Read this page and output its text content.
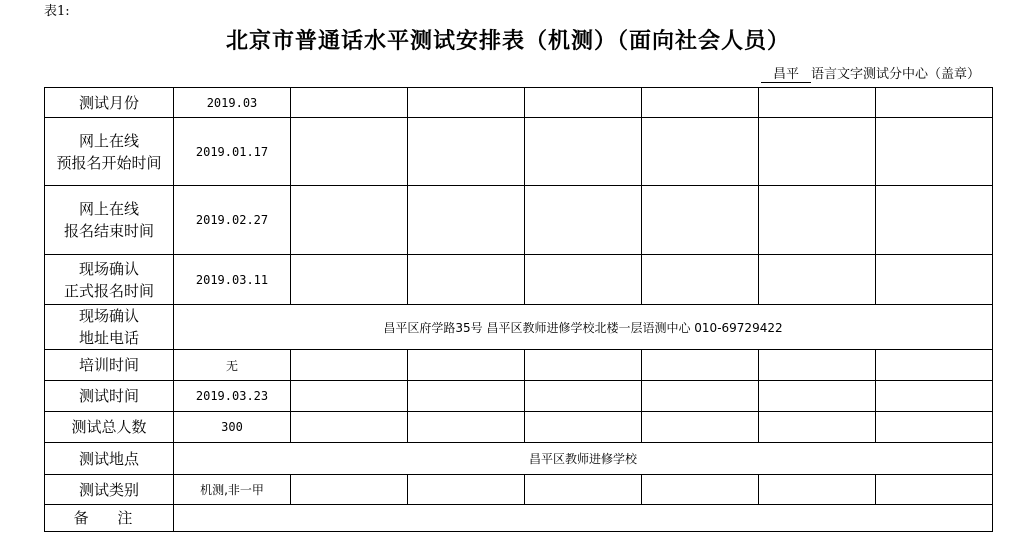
表1:
北京市普通话水平测试安排表（机测）（面向社会人员）
昌平 语言文字测试分中心（盖章）
测试月份	2019.03						
网上在线
预报名开始时间	2019.01.17						
网上在线
报名结束时间	2019.02.27						
现场确认
正式报名时间	2019.03.11						
现场确认
地址电话	昌平区府学路35号 昌平区教师进修学校北楼一层语测中心 010-69729422						
培训时间	无						
测试时间	2019.03.23						
测试总人数	300						
测试地点	昌平区教师进修学校						
测试类别	机测,非一甲						
备 注							
